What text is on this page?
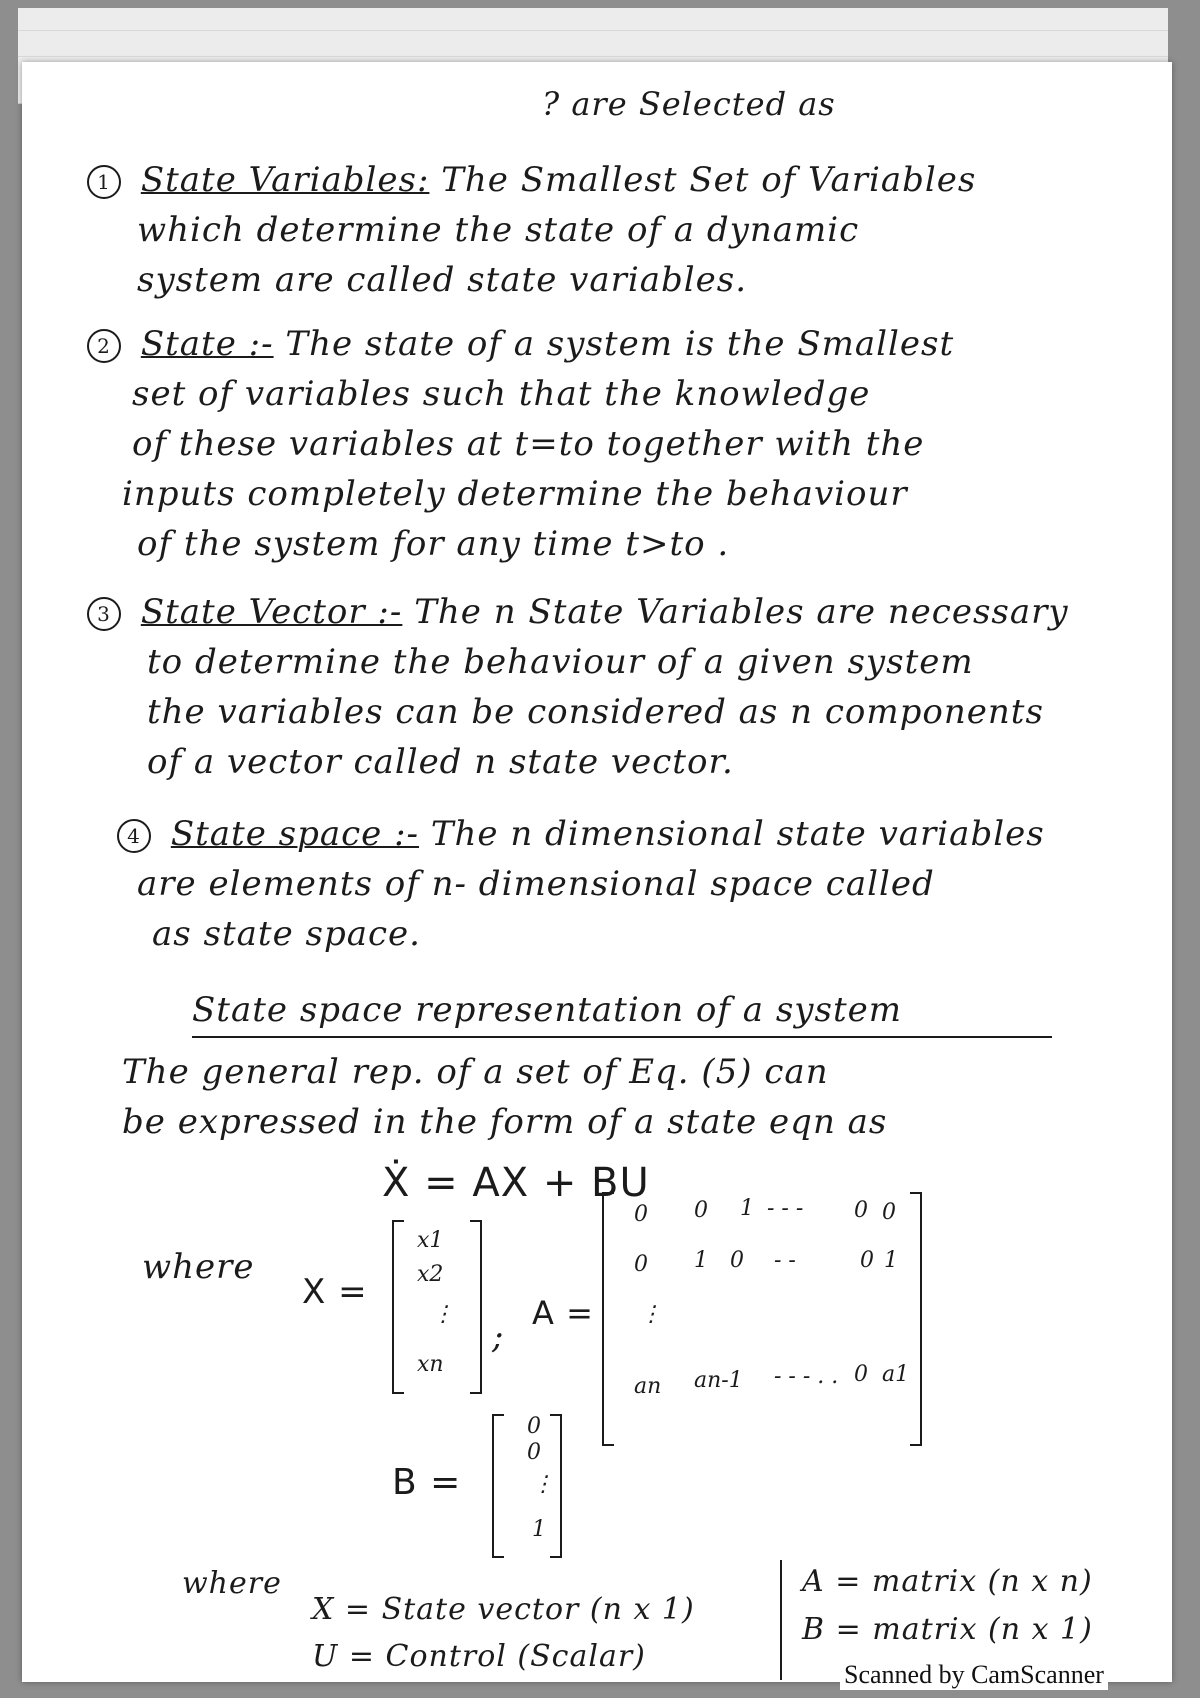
? are Selected as
1 State Variables: The Smallest Set of Variables
which determine the state of a dynamic
system are called state variables.
2 State :- The state of a system is the Smallest
set of variables such that the knowledge
of these variables at t=to together with the
inputs completely determine the behaviour
of the system for any time t>to .
3 State Vector :- The n State Variables are necessary
to determine the behaviour of a given system
the variables can be considered as n components
of a vector called n state vector.
4 State space :- The n dimensional state variables
are elements of n- dimensional space called
as state space.
State space representation of a system
The general rep. of a set of Eq. (5) can
be expressed in the form of a state eqn as
Ẋ = AX + BU
where
X =
x1
x2
⋮
xn
;
A =
0 0 1 - - - 0 0
0 1 0 - -	0 1
⋮
an an-1 - - - . . 0 a1
B =
0
0
⋮
1
where
X = State vector (n x 1)
U = Control (Scalar)
A = matrix (n x n)
B = matrix (n x 1)
Scanned by CamScanner
